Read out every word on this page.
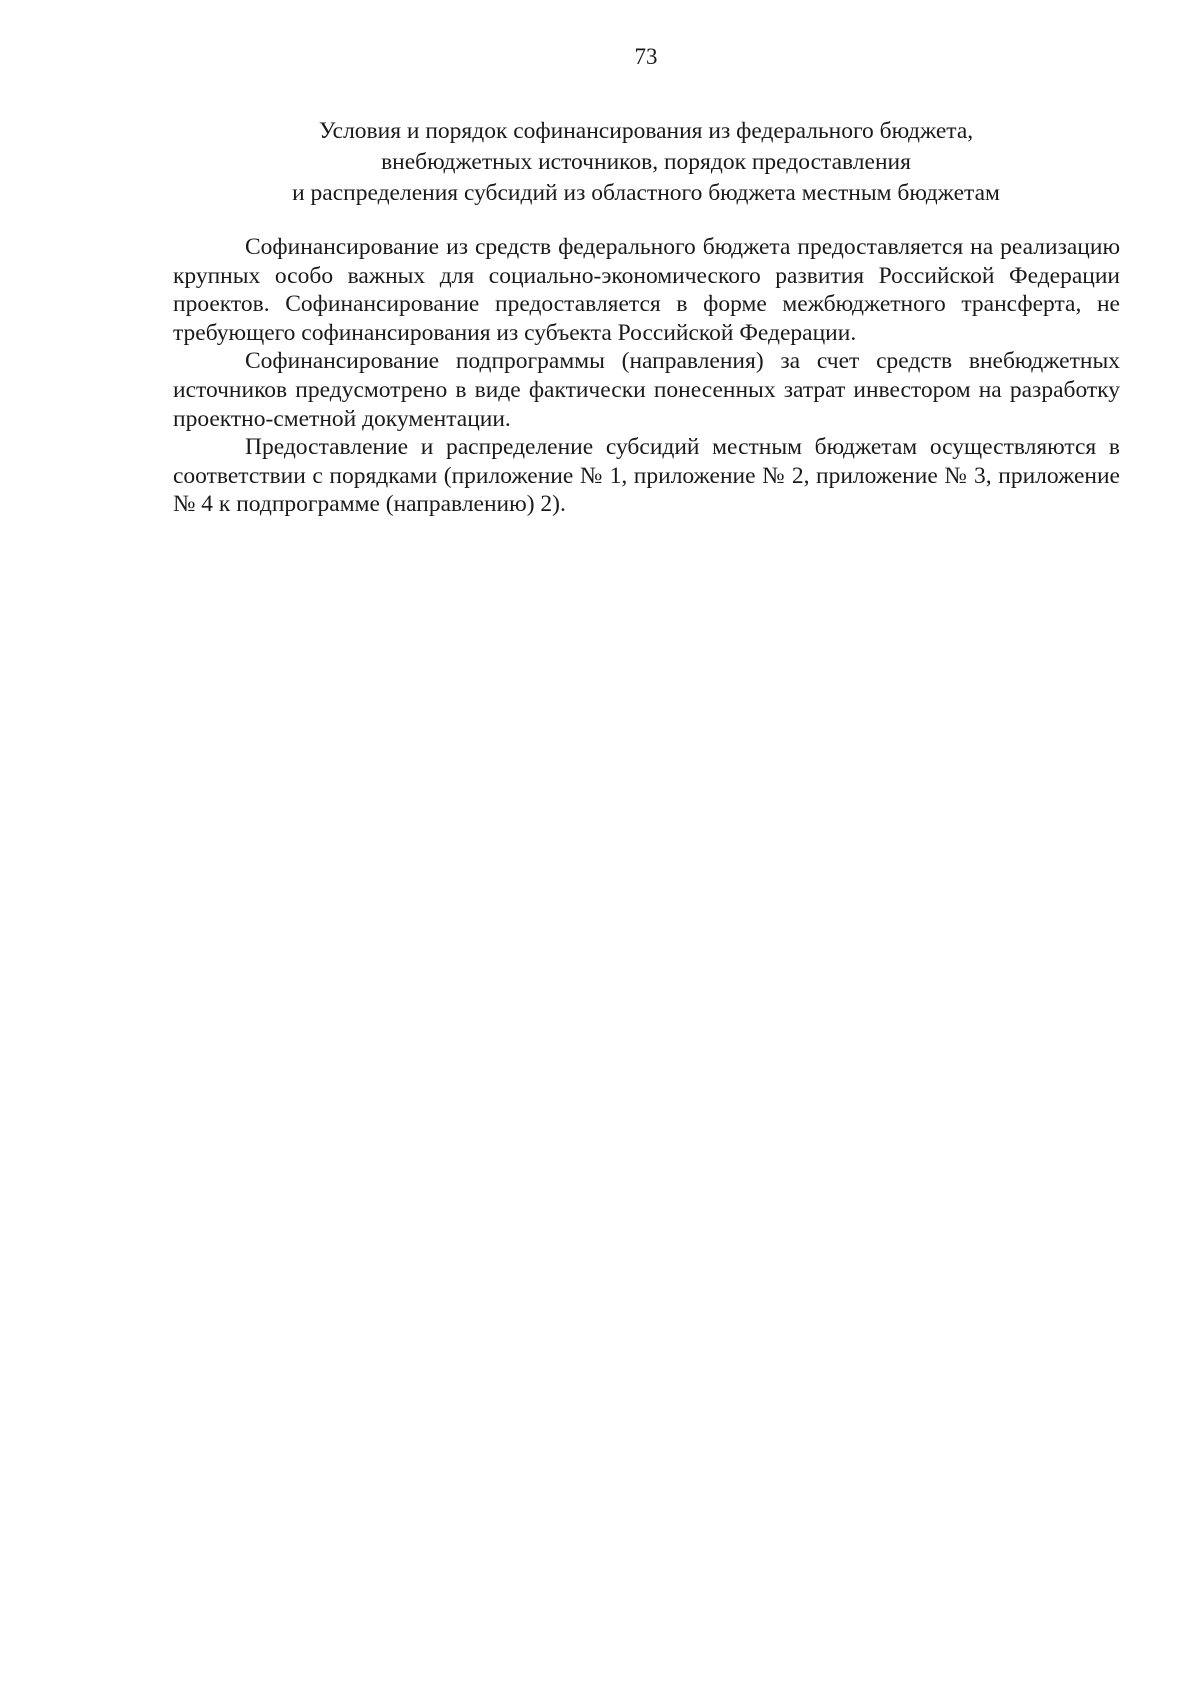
73
Условия и порядок софинансирования из федерального бюджета,
внебюджетных источников, порядок предоставления
и распределения субсидий из областного бюджета местным бюджетам

Софинансирование из средств федерального бюджета предоставляется на реализацию крупных особо важных для социально-экономического развития Российской Федерации проектов. Софинансирование предоставляется в форме межбюджетного трансферта, не требующего софинансирования из субъекта Российской Федерации.

Софинансирование подпрограммы (направления) за счет средств внебюджетных источников предусмотрено в виде фактически понесенных затрат инвестором на разработку проектно-сметной документации.

Предоставление и распределение субсидий местным бюджетам осуществляются в соответствии с порядками (приложение № 1, приложение № 2, приложение № 3, приложение № 4 к подпрограмме (направлению) 2).
